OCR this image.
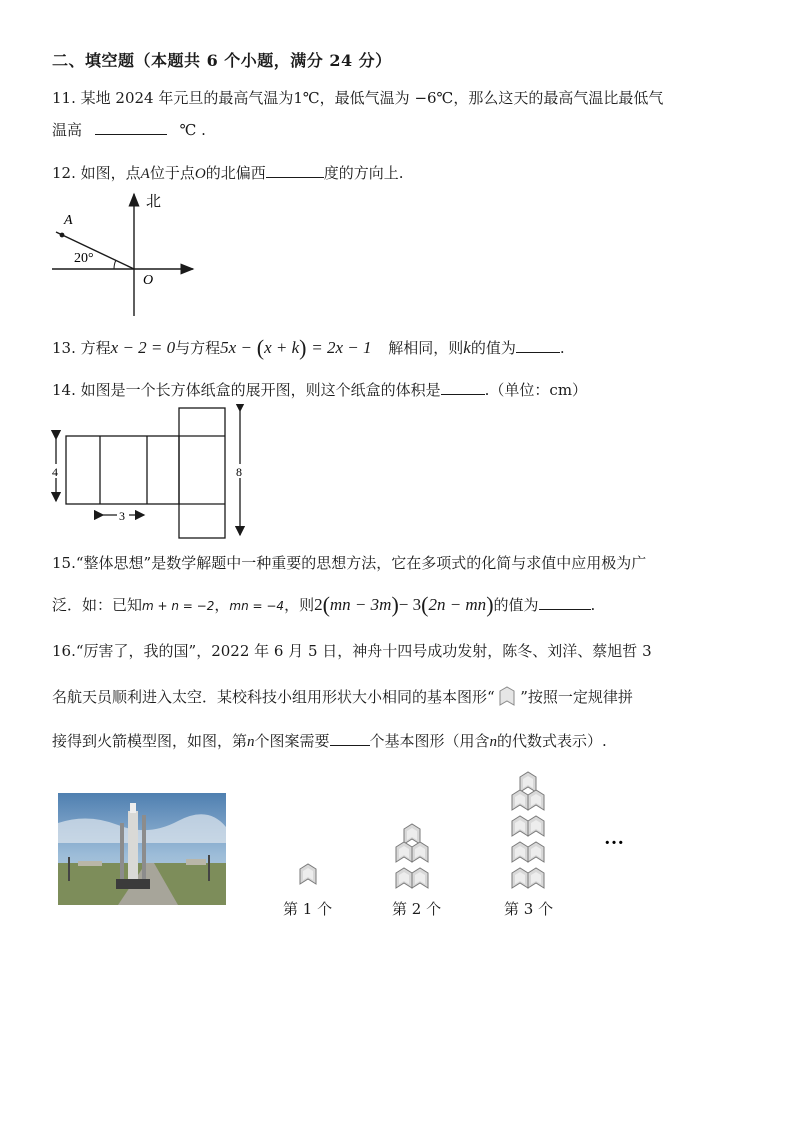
二、填空题（本题共 6 个小题，满分 24 分）
11. 某地 2024 年元旦的最高气温为1℃，最低气温为 −6℃，那么这天的最高气温比最低气
温高	℃ .
12. 如图，点A位于点O的北偏西	度的方向上.
北
A
O
20°
13. 方程x − 2 = 0与方程5x − (x + k) = 2x − 1 解相同，则k的值为	.
14. 如图是一个长方体纸盒的展开图，则这个纸盒的体积是	.（单位：cm）
4
3
8
15.“整体思想”是数学解题中一种重要的思想方法，它在多项式的化简与求值中应用极为广
泛．如：已知m + n = −2，mn = −4，则2(mn − 3m)− 3(2n − mn)的值为	.
16.“厉害了，我的国”，2022 年 6 月 5 日，神舟十四号成功发射，陈冬、刘洋、蔡旭哲 3
名航天员顺利进入太空．某校科技小组用形状大小相同的基本图形“ ”按照一定规律拼
接得到火箭模型图，如图，第n个图案需要	个基本图形（用含n的代数式表示）.
…
第 1 个	第 2 个	第 3 个
